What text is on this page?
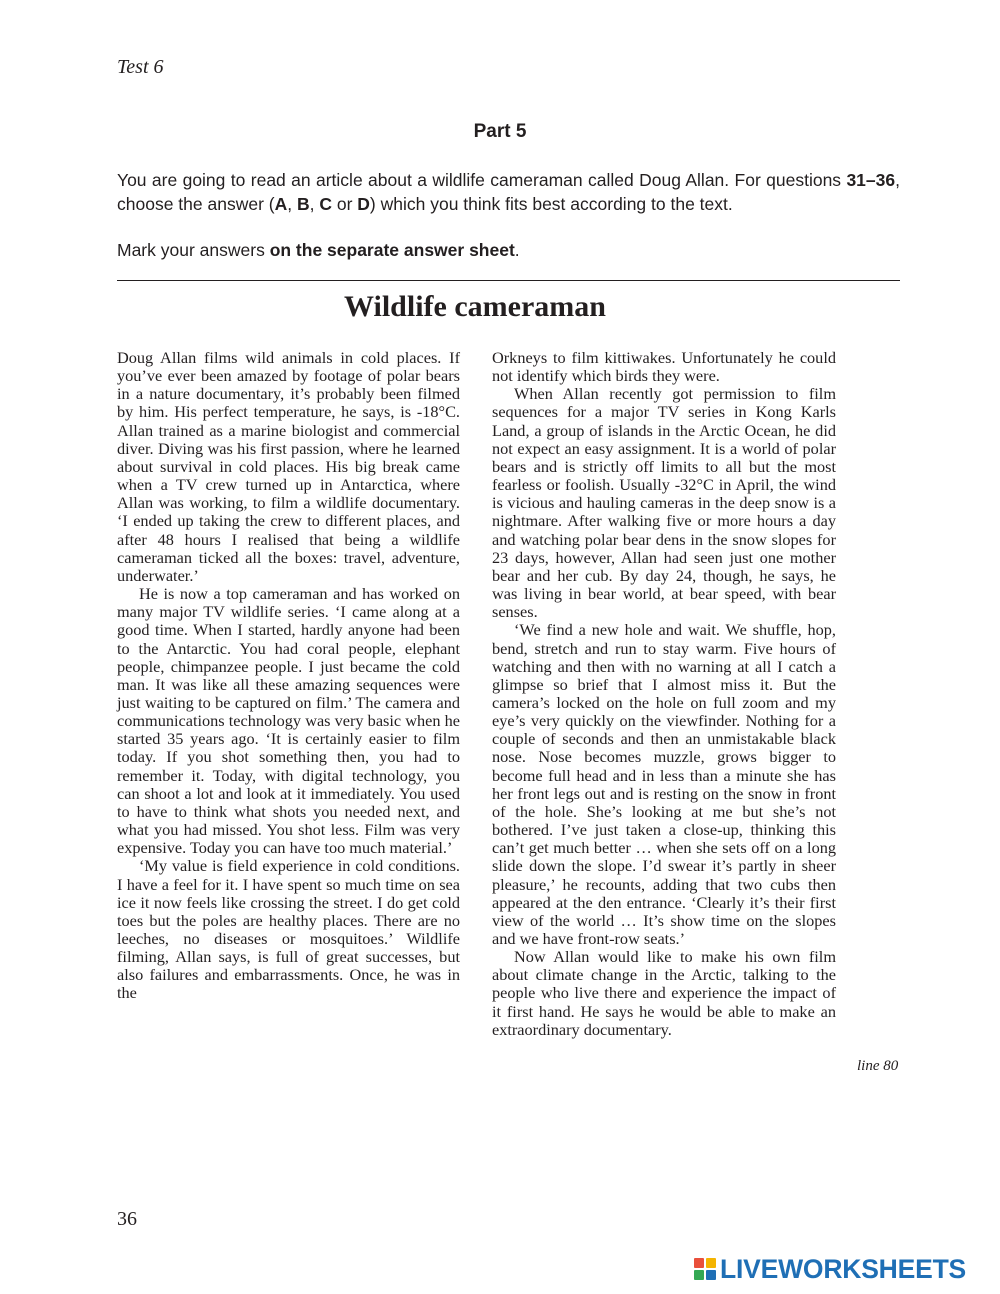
Test 6
Part 5
You are going to read an article about a wildlife cameraman called Doug Allan. For questions 31–36, choose the answer (A, B, C or D) which you think fits best according to the text.
Mark your answers on the separate answer sheet.
Wildlife cameraman

Doug Allan films wild animals in cold places. If you’ve ever been amazed by footage of polar bears in a nature documentary, it’s probably been filmed by him. His perfect temperature, he says, is -18°C. Allan trained as a marine biologist and commercial diver. Diving was his first passion, where he learned about survival in cold places. His big break came when a TV crew turned up in Antarctica, where Allan was working, to film a wildlife documentary. ‘I ended up taking the crew to different places, and after 48 hours I realised that being a wildlife cameraman ticked all the boxes: travel, adventure, underwater.’

He is now a top cameraman and has worked on many major TV wildlife series. ‘I came along at a good time. When I started, hardly anyone had been to the Antarctic. You had coral people, elephant people, chimpanzee people. I just became the cold man. It was like all these amazing sequences were just waiting to be captured on film.’ The camera and communications technology was very basic when he started 35 years ago. ‘It is certainly easier to film today. If you shot something then, you had to remember it. Today, with digital technology, you can shoot a lot and look at it immediately. You used to have to think what shots you needed next, and what you had missed. You shot less. Film was very expensive. Today you can have too much material.’

‘My value is field experience in cold conditions. I have a feel for it. I have spent so much time on sea ice it now feels like crossing the street. I do get cold toes but the poles are healthy places. There are no leeches, no diseases or mosquitoes.’ Wildlife filming, Allan says, is full of great successes, but also failures and embarrassments. Once, he was in the

Orkneys to film kittiwakes. Unfortunately he could not identify which birds they were.

When Allan recently got permission to film sequences for a major TV series in Kong Karls Land, a group of islands in the Arctic Ocean, he did not expect an easy assignment. It is a world of polar bears and is strictly off limits to all but the most fearless or foolish. Usually -32°C in April, the wind is vicious and hauling cameras in the deep snow is a nightmare. After walking five or more hours a day and watching polar bear dens in the snow slopes for 23 days, however, Allan had seen just one mother bear and her cub. By day 24, though, he says, he was living in bear world, at bear speed, with bear senses.

‘We find a new hole and wait. We shuffle, hop, bend, stretch and run to stay warm. Five hours of watching and then with no warning at all I catch a glimpse so brief that I almost miss it. But the camera’s locked on the hole on full zoom and my eye’s very quickly on the viewfinder. Nothing for a couple of seconds and then an unmistakable black nose. Nose becomes muzzle, grows bigger to become full head and in less than a minute she has her front legs out and is resting on the snow in front of the hole. She’s looking at me but she’s not bothered. I’ve just taken a close-up, thinking this can’t get much better … when she sets off on a long slide down the slope. I’d swear it’s partly in sheer pleasure,’ he recounts, adding that two cubs then appeared at the den entrance. ‘Clearly it’s their first view of the world … It’s show time on the slopes and we have front-row seats.’

Now Allan would like to make his own film about climate change in the Arctic, talking to the people who live there and experience the impact of it first hand. He says he would be able to make an extraordinary documentary.

line 80
36
LIVEWORKSHEETS
